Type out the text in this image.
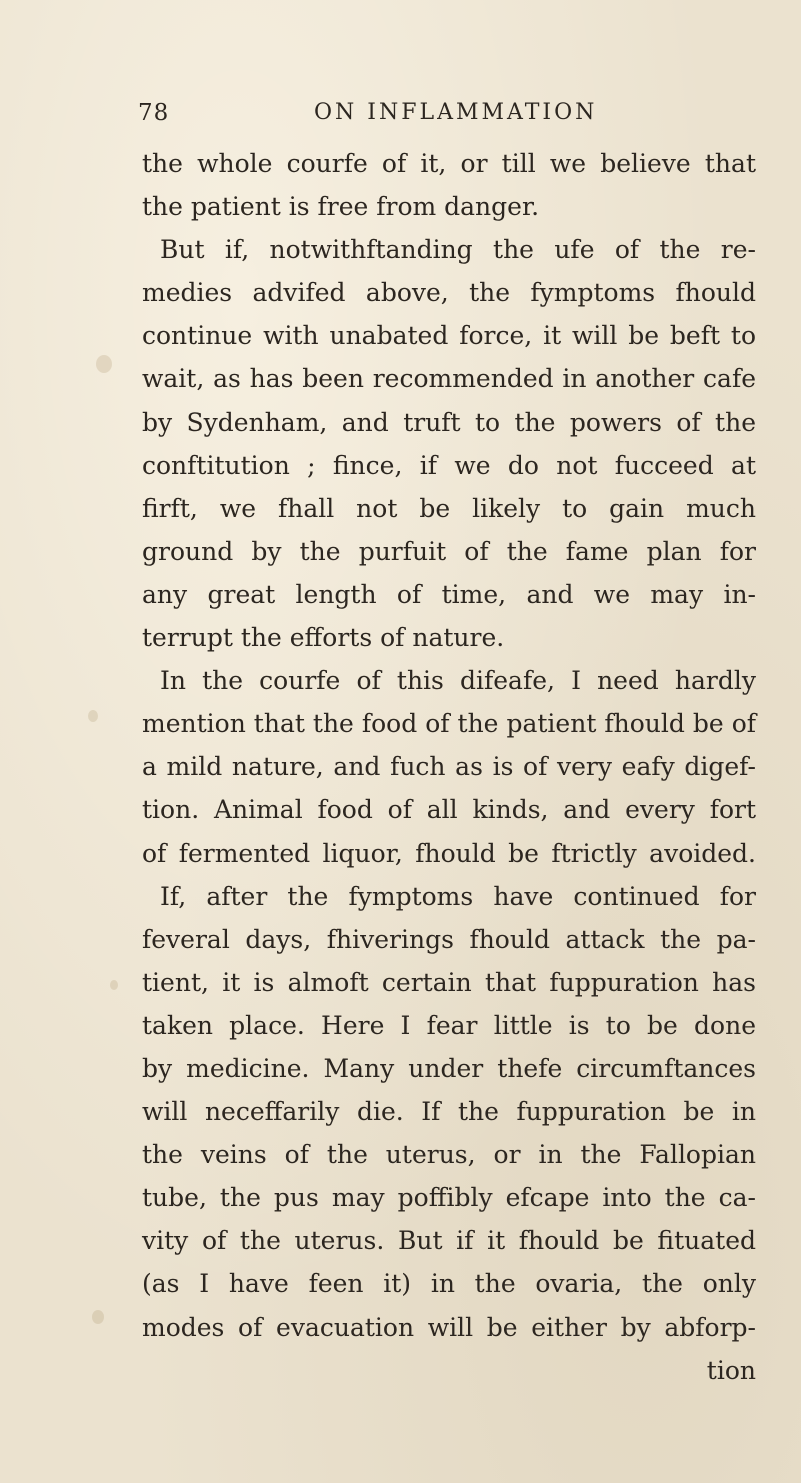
78	ON INFLAMMATION
the whole courfe of it, or till we believe that
the patient is free from danger.
But if, notwithftanding the ufe of the re-
medies advifed above, the fymptoms fhould
continue with unabated force, it will be beft to
wait, as has been recommended in another cafe
by Sydenham, and truft to the powers of the
conftitution ; fince, if we do not fucceed at
firft, we fhall not be likely to gain much
ground by the purfuit of the fame plan for
any great length of time, and we may in-
terrupt the efforts of nature.
In the courfe of this difeafe, I need hardly
mention that the food of the patient fhould be of
a mild nature, and fuch as is of very eafy digef-
tion. Animal food of all kinds, and every fort
of fermented liquor, fhould be ftrictly avoided.
If, after the fymptoms have continued for
feveral days, fhiverings fhould attack the pa-
tient, it is almoft certain that fuppuration has
taken place. Here I fear little is to be done
by medicine. Many under thefe circumftances
will neceffarily die. If the fuppuration be in
the veins of the uterus, or in the Fallopian
tube, the pus may poffibly efcape into the ca-
vity of the uterus. But if it fhould be fituated
(as I have feen it) in the ovaria, the only
modes of evacuation will be either by abforp-
tion
